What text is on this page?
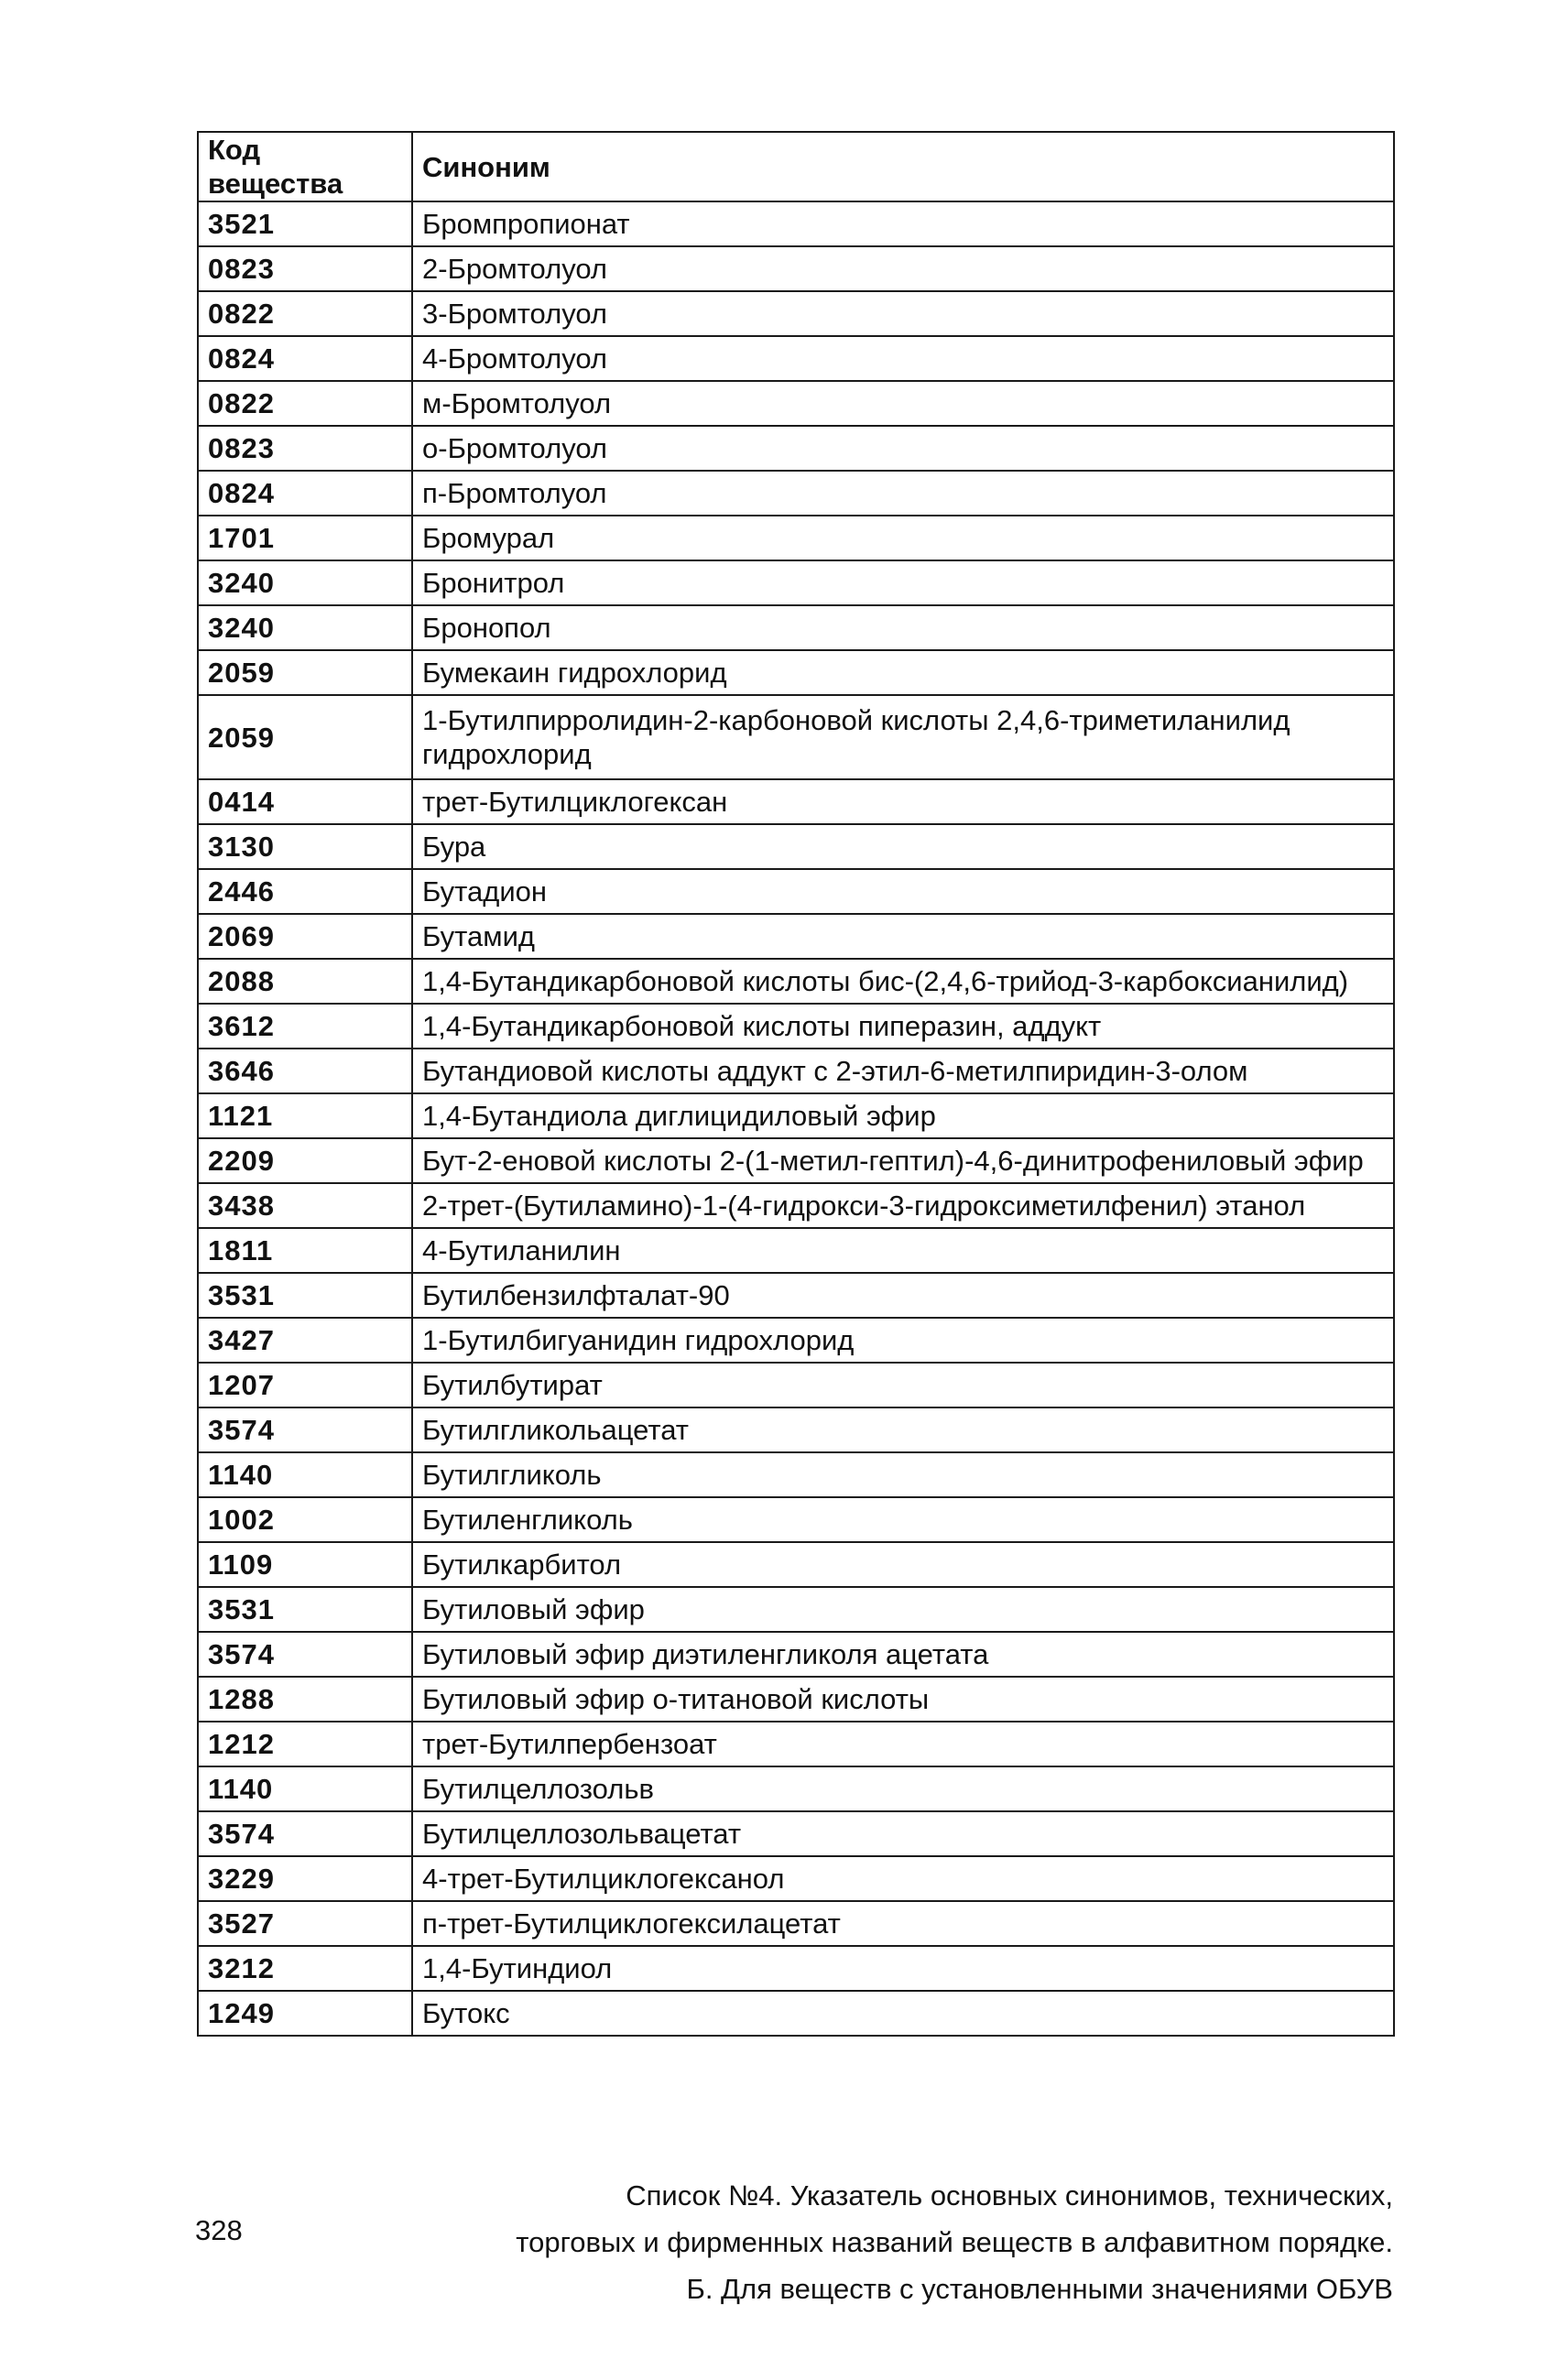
Код вещества	Синоним
3521	Бромпропионат
0823	2-Бромтолуол
0822	3-Бромтолуол
0824	4-Бромтолуол
0822	м-Бромтолуол
0823	о-Бромтолуол
0824	п-Бромтолуол
1701	Бромурал
3240	Бронитрол
3240	Бронопол
2059	Бумекаин гидрохлорид
2059	1-Бутилпирролидин-2-карбоновой кислоты 2,4,6-триметиланилид гидрохлорид
0414	трет-Бутилциклогексан
3130	Бура
2446	Бутадион
2069	Бутамид
2088	1,4-Бутандикарбоновой кислоты бис-(2,4,6-трийод-3-карбоксианилид)
3612	1,4-Бутандикарбоновой кислоты пиперазин, аддукт
3646	Бутандиовой кислоты аддукт с 2-этил-6-метилпиридин-3-олом
1121	1,4-Бутандиола диглицидиловый эфир
2209	Бут-2-еновой кислоты 2-(1-метил-гептил)-4,6-динитрофениловый эфир
3438	2-трет-(Бутиламино)-1-(4-гидрокси-3-гидроксиметилфенил) этанол
1811	4-Бутиланилин
3531	Бутилбензилфталат-90
3427	1-Бутилбигуанидин гидрохлорид
1207	Бутилбутират
3574	Бутилгликольацетат
1140	Бутилгликоль
1002	Бутиленгликоль
1109	Бутилкарбитол
3531	Бутиловый эфир
3574	Бутиловый эфир диэтиленгликоля ацетата
1288	Бутиловый эфир о-титановой кислоты
1212	трет-Бутилпербензоат
1140	Бутилцеллозольв
3574	Бутилцеллозольвацетат
3229	4-трет-Бутилциклогексанол
3527	п-трет-Бутилциклогексилацетат
3212	1,4-Бутиндиол
1249	Бутокс
328
Список №4. Указатель основных синонимов, технических,
торговых и фирменных названий веществ в алфавитном порядке.
Б. Для веществ с установленными значениями ОБУВ
